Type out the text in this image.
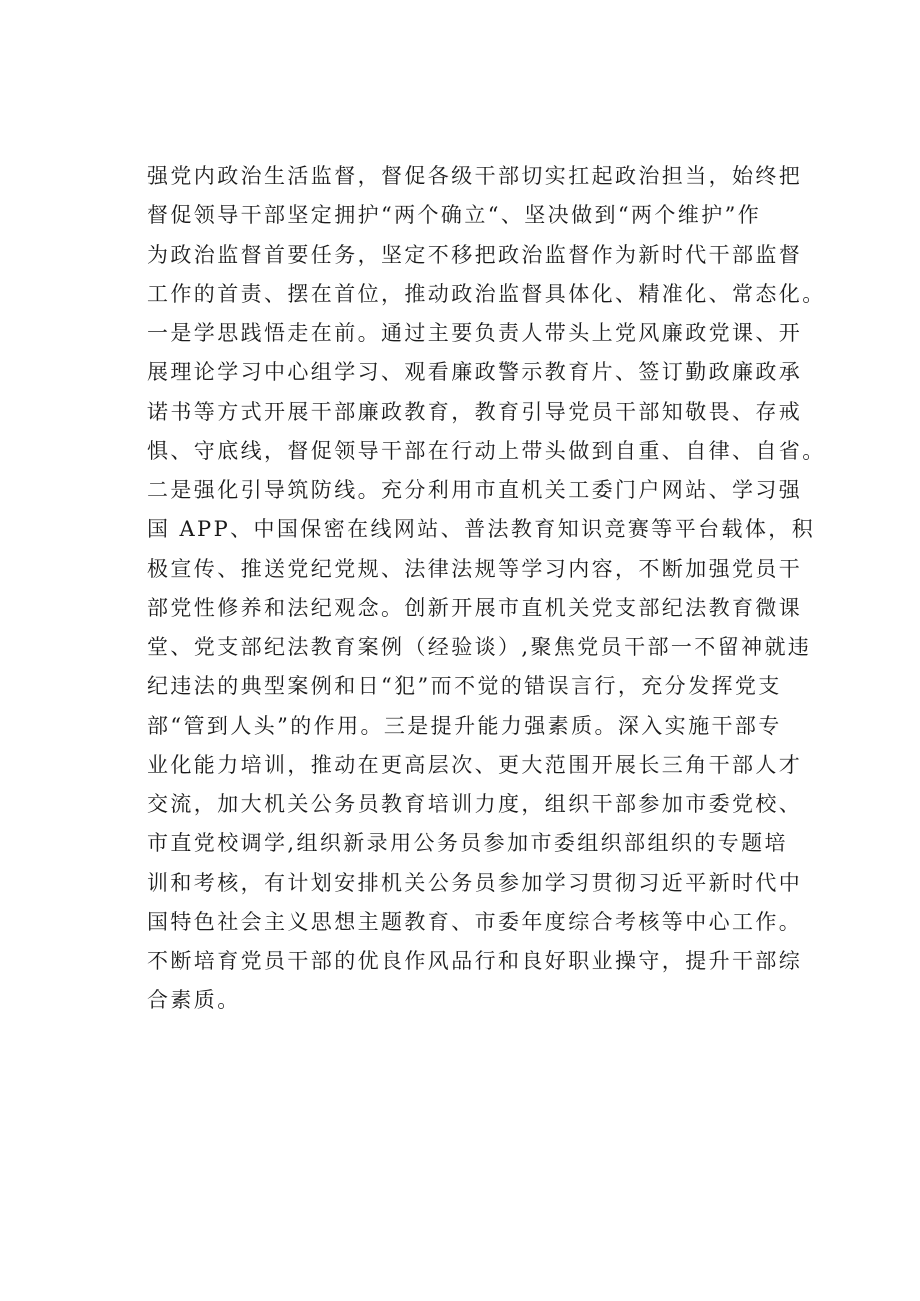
强党内政治生活监督，督促各级干部切实扛起政治担当，始终把
督促领导干部坚定拥护“两个确立“、坚决做到“两个维护”作
为政治监督首要任务，坚定不移把政治监督作为新时代干部监督
工作的首责、摆在首位，推动政治监督具体化、精准化、常态化。
一是学思践悟走在前。通过主要负责人带头上党风廉政党课、开
展理论学习中心组学习、观看廉政警示教育片、签订勤政廉政承
诺书等方式开展干部廉政教育，教育引导党员干部知敬畏、存戒
惧、守底线，督促领导干部在行动上带头做到自重、自律、自省。
二是强化引导筑防线。充分利用市直机关工委门户网站、学习强
国 APP、中国保密在线网站、普法教育知识竞赛等平台载体，积
极宣传、推送党纪党规、法律法规等学习内容，不断加强党员干
部党性修养和法纪观念。创新开展市直机关党支部纪法教育微课
堂、党支部纪法教育案例（经验谈）,聚焦党员干部一不留神就违
纪违法的典型案例和日“犯”而不觉的错误言行，充分发挥党支
部“管到人头”的作用。三是提升能力强素质。深入实施干部专
业化能力培训，推动在更高层次、更大范围开展长三角干部人才
交流，加大机关公务员教育培训力度，组织干部参加市委党校、
市直党校调学,组织新录用公务员参加市委组织部组织的专题培
训和考核，有计划安排机关公务员参加学习贯彻习近平新时代中
国特色社会主义思想主题教育、市委年度综合考核等中心工作。
不断培育党员干部的优良作风品行和良好职业操守，提升干部综
合素质。
